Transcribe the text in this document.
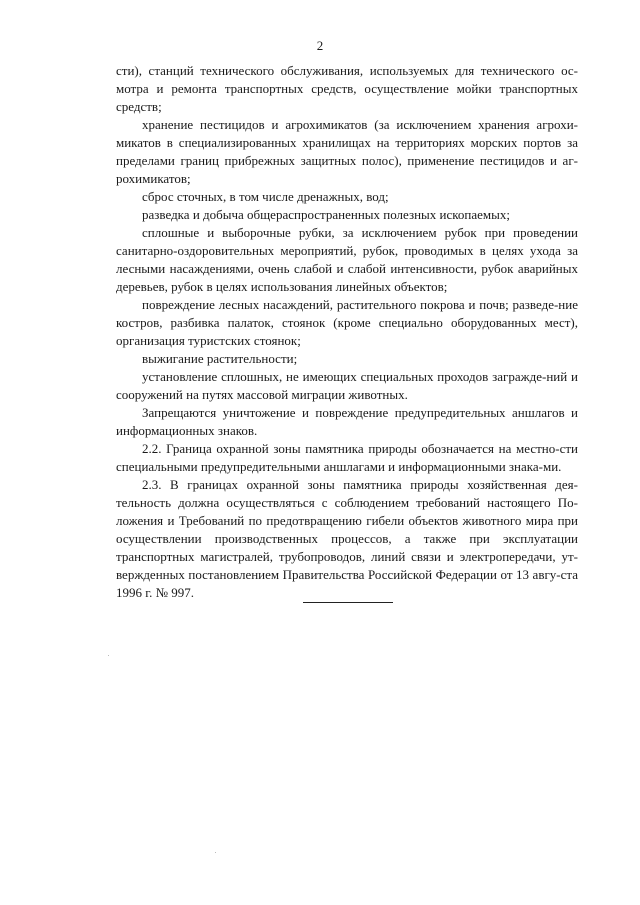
2

сти), станций технического обслуживания, используемых для технического ос-мотра и ремонта транспортных средств, осуществление мойки транспортных средств;

хранение пестицидов и агрохимикатов (за исключением хранения агрохи-микатов в специализированных хранилищах на территориях морских портов за пределами границ прибрежных защитных полос), применение пестицидов и аг-рохимикатов;

сброс сточных, в том числе дренажных, вод;

разведка и добыча общераспространенных полезных ископаемых;

сплошные и выборочные рубки, за исключением рубок при проведении санитарно-оздоровительных мероприятий, рубок, проводимых в целях ухода за лесными насаждениями, очень слабой и слабой интенсивности, рубок аварийных деревьев, рубок в целях использования линейных объектов;

повреждение лесных насаждений, растительного покрова и почв; разведе-ние костров, разбивка палаток, стоянок (кроме специально оборудованных мест), организация туристских стоянок;

выжигание растительности;

установление сплошных, не имеющих специальных проходов загражде-ний и сооружений на путях массовой миграции животных.

Запрещаются уничтожение и повреждение предупредительных аншлагов и информационных знаков.

2.2. Граница охранной зоны памятника природы обозначается на местно-сти специальными предупредительными аншлагами и информационными знака-ми.

2.3. В границах охранной зоны памятника природы хозяйственная дея-тельность должна осуществляться с соблюдением требований настоящего По-ложения и Требований по предотвращению гибели объектов животного мира при осуществлении производственных процессов, а также при эксплуатации транспортных магистралей, трубопроводов, линий связи и электропередачи, ут-вержденных постановлением Правительства Российской Федерации от 13 авгу-ста 1996 г. № 997.
